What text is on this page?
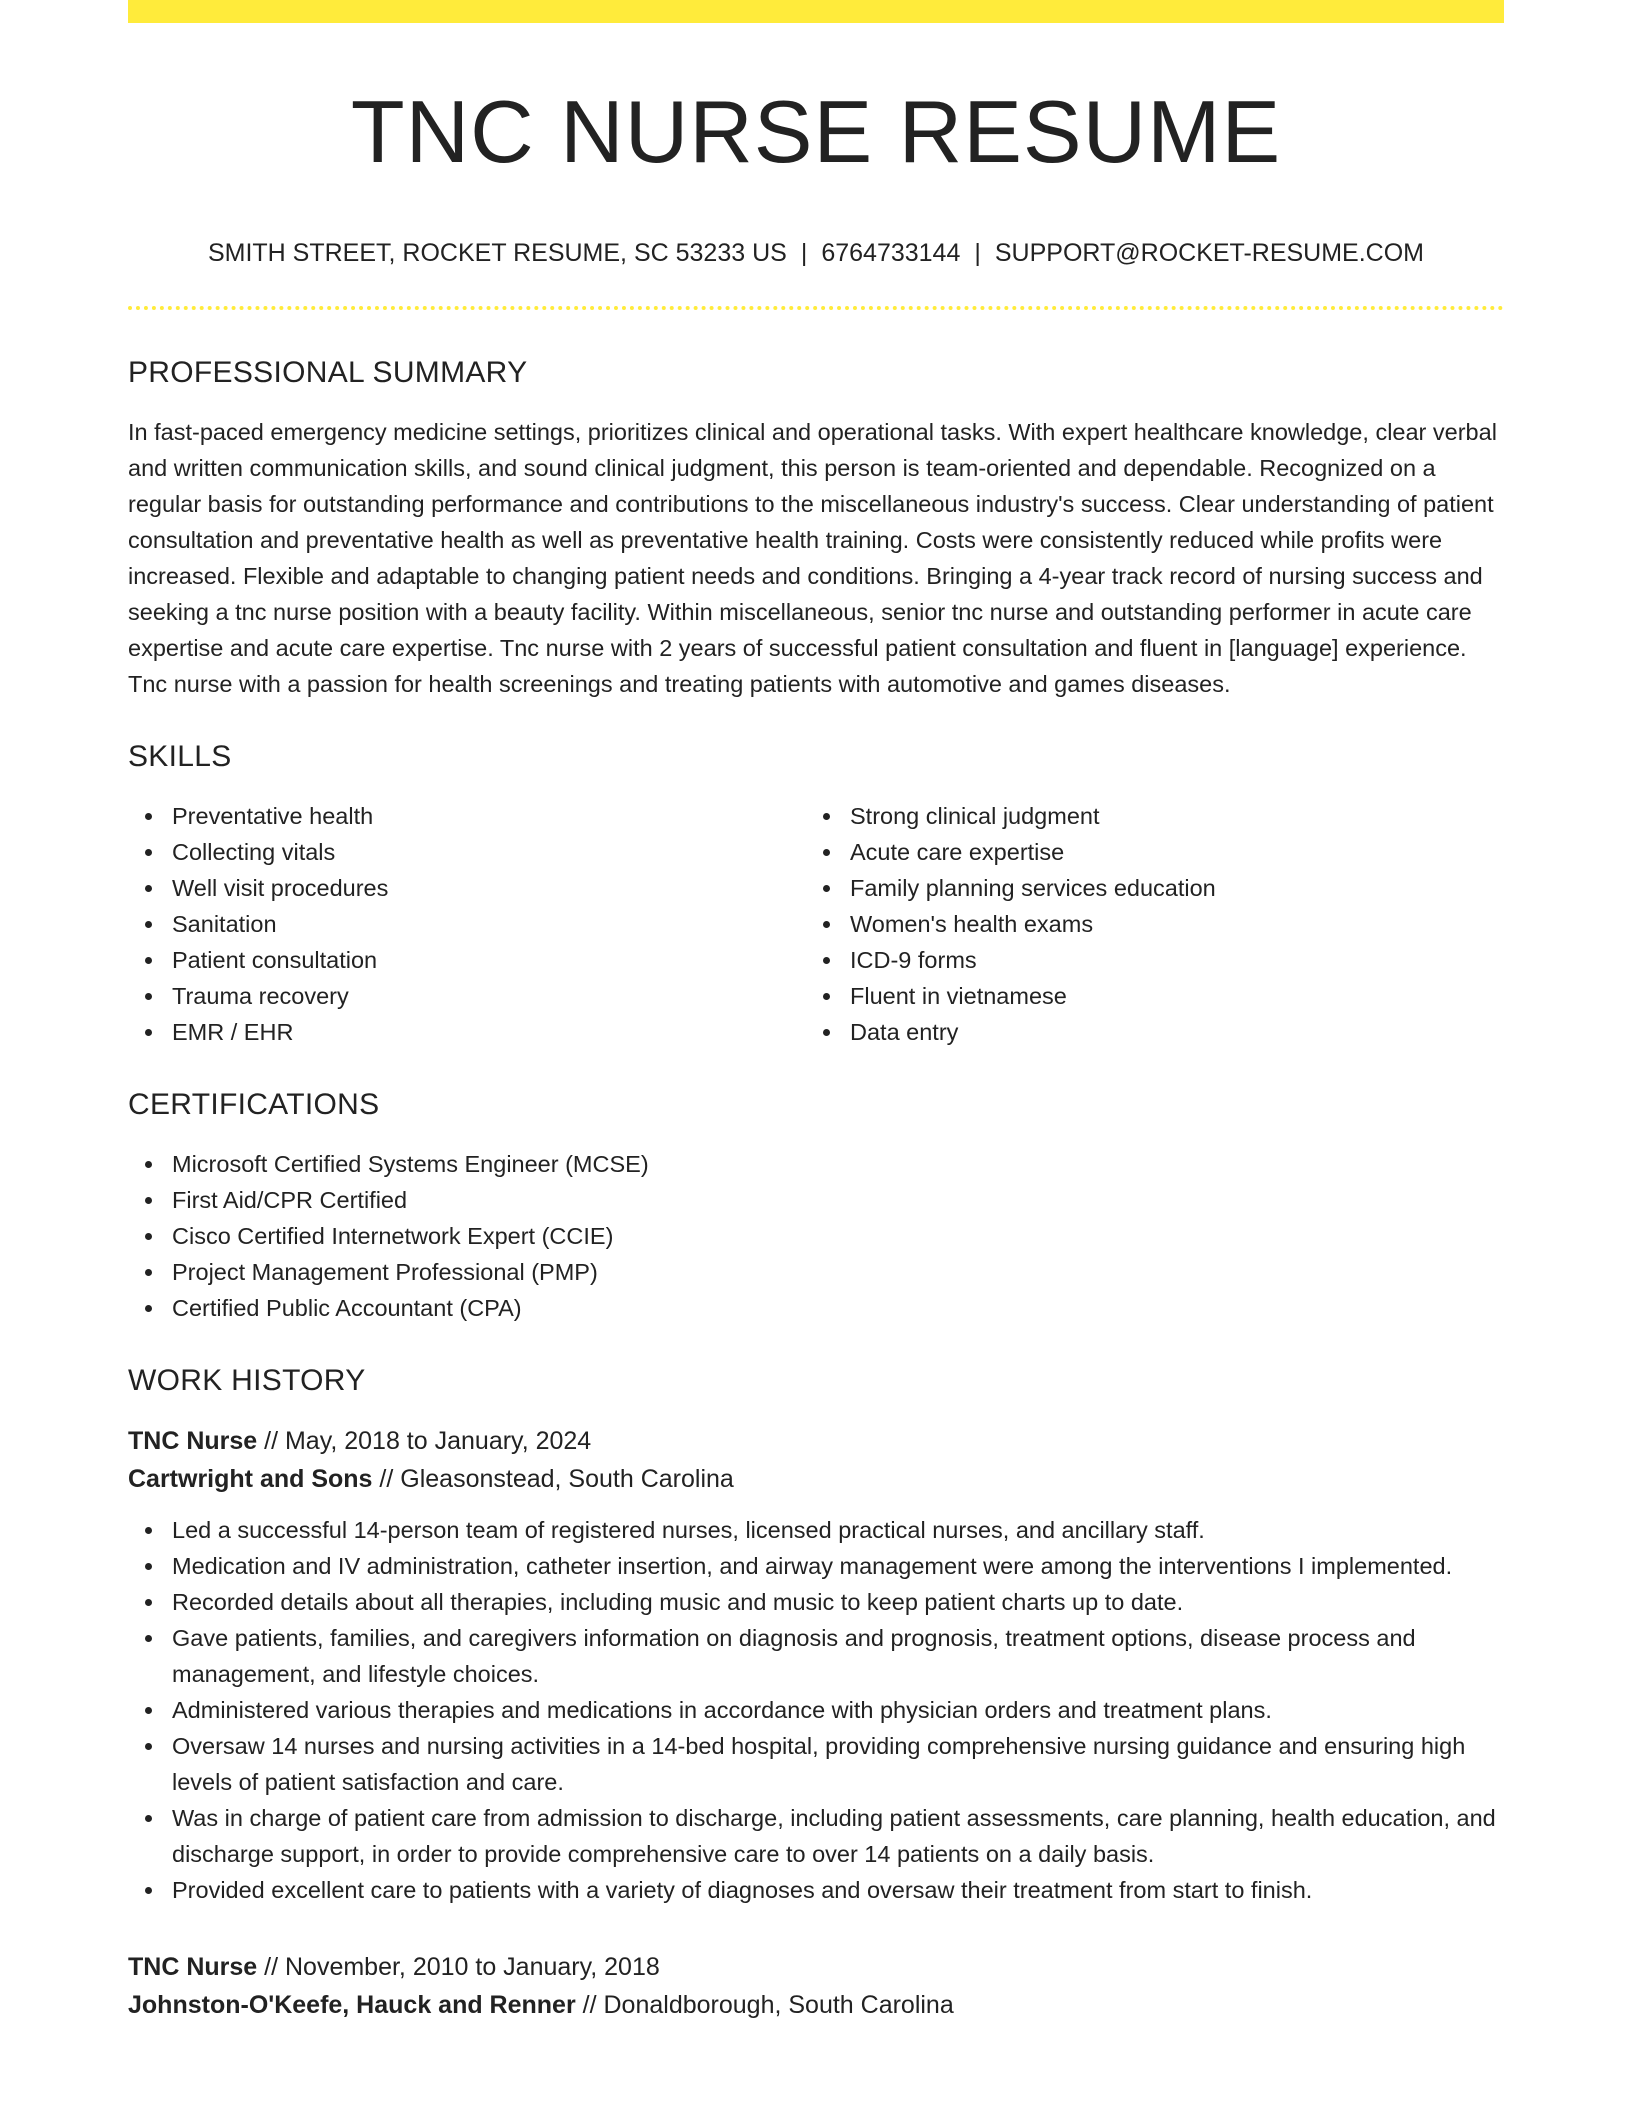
TNC NURSE RESUME
SMITH STREET, ROCKET RESUME, SC 53233 US | 6764733144 | SUPPORT@ROCKET-RESUME.COM
PROFESSIONAL SUMMARY

In fast-paced emergency medicine settings, prioritizes clinical and operational tasks. With expert healthcare knowledge, clear verbal and written communication skills, and sound clinical judgment, this person is team-oriented and dependable. Recognized on a regular basis for outstanding performance and contributions to the miscellaneous industry's success. Clear understanding of patient consultation and preventative health as well as preventative health training. Costs were consistently reduced while profits were increased. Flexible and adaptable to changing patient needs and conditions. Bringing a 4-year track record of nursing success and seeking a tnc nurse position with a beauty facility. Within miscellaneous, senior tnc nurse and outstanding performer in acute care expertise and acute care expertise. Tnc nurse with 2 years of successful patient consultation and fluent in [language] experience. Tnc nurse with a passion for health screenings and treating patients with automotive and games diseases.

SKILLS
Preventative health
Collecting vitals
Well visit procedures
Sanitation
Patient consultation
Trauma recovery
EMR / EHR
Strong clinical judgment
Acute care expertise
Family planning services education
Women's health exams
ICD-9 forms
Fluent in vietnamese
Data entry
CERTIFICATIONS
Microsoft Certified Systems Engineer (MCSE)
First Aid/CPR Certified
Cisco Certified Internetwork Expert (CCIE)
Project Management Professional (PMP)
Certified Public Accountant (CPA)
WORK HISTORY
TNC Nurse // May, 2018 to January, 2024
Cartwright and Sons // Gleasonstead, South Carolina
Led a successful 14-person team of registered nurses, licensed practical nurses, and ancillary staff.
Medication and IV administration, catheter insertion, and airway management were among the interventions I implemented.
Recorded details about all therapies, including music and music to keep patient charts up to date.
Gave patients, families, and caregivers information on diagnosis and prognosis, treatment options, disease process and management, and lifestyle choices.
Administered various therapies and medications in accordance with physician orders and treatment plans.
Oversaw 14 nurses and nursing activities in a 14-bed hospital, providing comprehensive nursing guidance and ensuring high levels of patient satisfaction and care.
Was in charge of patient care from admission to discharge, including patient assessments, care planning, health education, and discharge support, in order to provide comprehensive care to over 14 patients on a daily basis.
Provided excellent care to patients with a variety of diagnoses and oversaw their treatment from start to finish.
TNC Nurse // November, 2010 to January, 2018
Johnston-O'Keefe, Hauck and Renner // Donaldborough, South Carolina
